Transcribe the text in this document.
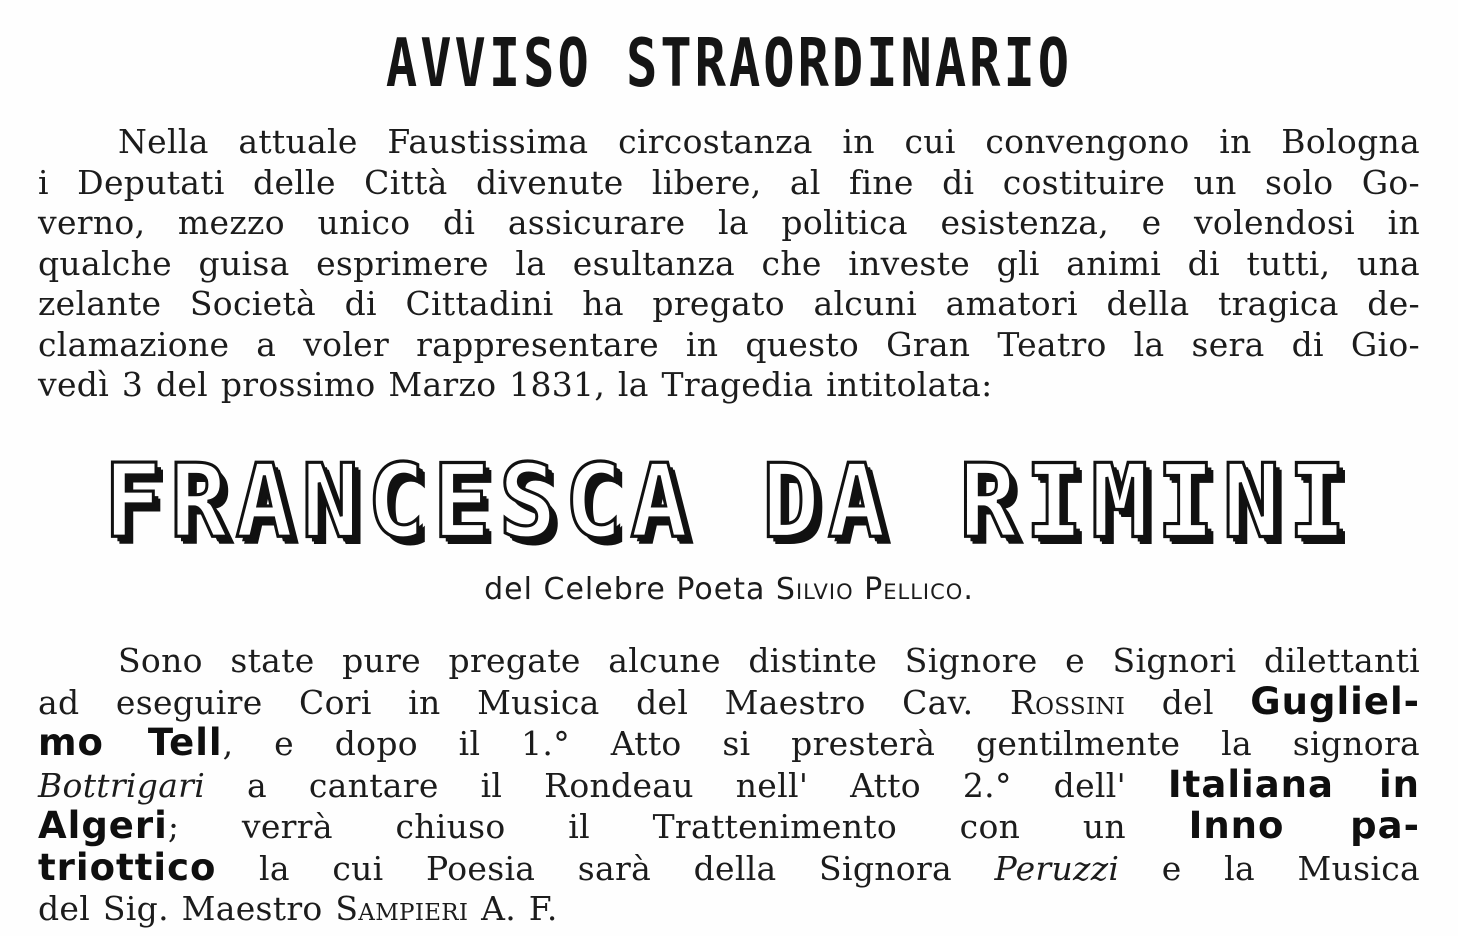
AVVISO STRAORDINARIO
Nella attuale Faustissima circostanza in cui convengono in Bologna
i Deputati delle Città divenute libere, al fine di costituire un solo Go-
verno, mezzo unico di assicurare la politica esistenza, e volendosi in
qualche guisa esprimere la esultanza che investe gli animi di tutti, una
zelante Società di Cittadini ha pregato alcuni amatori della tragica de-
clamazione a voler rappresentare in questo Gran Teatro la sera di Gio-
vedì 3 del prossimo Marzo 1831, la Tragedia intitolata:
FRANCESCA DA RIMINI
del Celebre Poeta Silvio Pellico.
Sono state pure pregate alcune distinte Signore e Signori dilettanti
ad eseguire Cori in Musica del Maestro Cav. Rossini del Gugliel-
mo Tell, e dopo il 1.° Atto si presterà gentilmente la signora
Bottrigari a cantare il Rondeau nell' Atto 2.° dell' Italiana in
Algeri; verrà chiuso il Trattenimento con un Inno pa-
triottico la cui Poesia sarà della Signora Peruzzi e la Musica
del Sig. Maestro Sampieri A. F.
